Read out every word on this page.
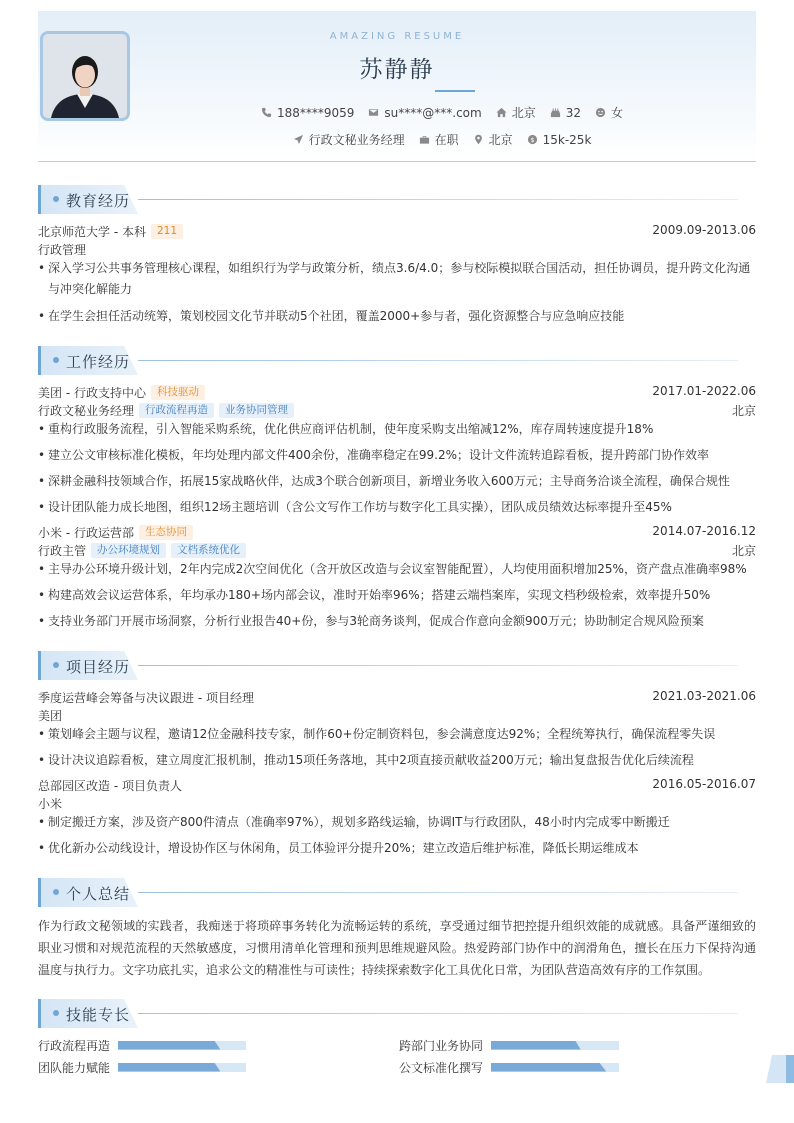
AMAZING RESUME
苏静静
188****9059	su****@***.com	北京	32	女
行政文秘业务经理	在职	北京 $ 15k-25k
教育经历
北京师范大学 - 本科	211	2009.09-2013.06
行政管理
• 深入学习公共事务管理核心课程，如组织行为学与政策分析，绩点3.6/4.0；参与校际模拟联合国活动，担任协调员，提升跨文化沟通
与冲突化解能力
• 在学生会担任活动统筹，策划校园文化节并联动5个社团，覆盖2000+参与者，强化资源整合与应急响应技能
工作经历
美团 - 行政支持中心	科技驱动	2017.01-2022.06
行政文秘业务经理	行政流程再造	业务协同管理	北京
• 重构行政服务流程，引入智能采购系统，优化供应商评估机制，使年度采购支出缩减12%，库存周转速度提升18%
• 建立公文审核标准化模板，年均处理内部文件400余份，准确率稳定在99.2%；设计文件流转追踪看板，提升跨部门协作效率
• 深耕金融科技领域合作，拓展15家战略伙伴，达成3个联合创新项目，新增业务收入600万元；主导商务洽谈全流程，确保合规性
• 设计团队能力成长地图，组织12场主题培训（含公文写作工作坊与数字化工具实操），团队成员绩效达标率提升至45%
小米 - 行政运营部	生态协同	2014.07-2016.12
行政主管	办公环境规划	文档系统优化	北京
• 主导办公环境升级计划，2年内完成2次空间优化（含开放区改造与会议室智能配置），人均使用面积增加25%，资产盘点准确率98%
• 构建高效会议运营体系，年均承办180+场内部会议，准时开始率96%；搭建云端档案库，实现文档秒级检索，效率提升50%
• 支持业务部门开展市场洞察，分析行业报告40+份，参与3轮商务谈判，促成合作意向金额900万元；协助制定合规风险预案
项目经历
季度运营峰会筹备与决议跟进 - 项目经理	2021.03-2021.06
美团
• 策划峰会主题与议程，邀请12位金融科技专家，制作60+份定制资料包，参会满意度达92%；全程统筹执行，确保流程零失误
• 设计决议追踪看板，建立周度汇报机制，推动15项任务落地，其中2项直接贡献收益200万元；输出复盘报告优化后续流程
总部园区改造 - 项目负责人	2016.05-2016.07
小米
• 制定搬迁方案，涉及资产800件清点（准确率97%），规划多路线运输，协调IT与行政团队，48小时内完成零中断搬迁
• 优化新办公动线设计，增设协作区与休闲角，员工体验评分提升20%；建立改造后维护标准，降低长期运维成本
个人总结
作为行政文秘领域的实践者，我痴迷于将琐碎事务转化为流畅运转的系统，享受通过细节把控提升组织效能的成就感。具备严谨细致的职业习惯和对规范流程的天然敏感度，习惯用清单化管理和预判思维规避风险。热爱跨部门协作中的润滑角色，擅长在压力下保持沟通温度与执行力。文字功底扎实，追求公文的精准性与可读性；持续探索数字化工具优化日常，为团队营造高效有序的工作氛围。
技能专长
行政流程再造	跨部门业务协同
团队能力赋能	公文标准化撰写
